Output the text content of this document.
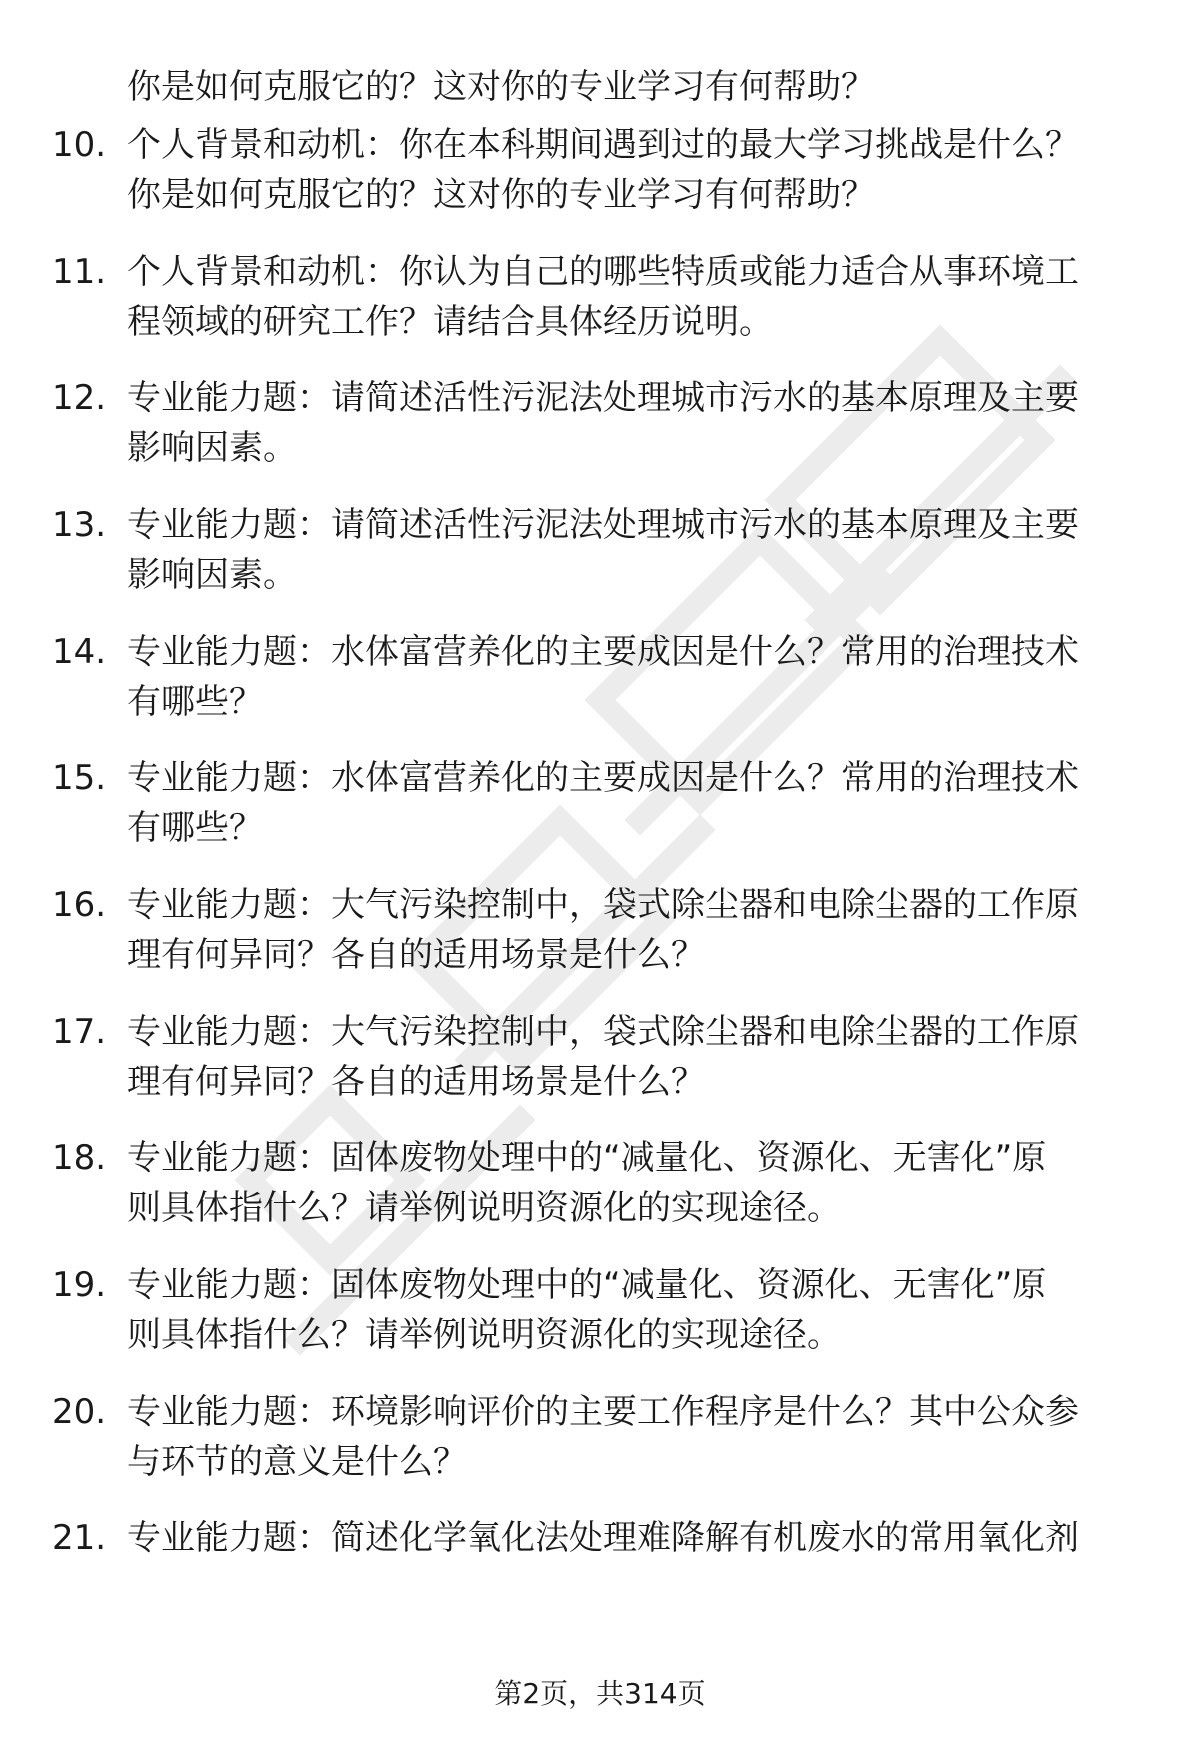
你是如何克服它的？这对你的专业学习有何帮助？
10. 个人背景和动机：你在本科期间遇到过的最大学习挑战是什么？
你是如何克服它的？这对你的专业学习有何帮助？
11. 个人背景和动机：你认为自己的哪些特质或能力适合从事环境工
程领域的研究工作？请结合具体经历说明。
12. 专业能力题：请简述活性污泥法处理城市污水的基本原理及主要
影响因素。
13. 专业能力题：请简述活性污泥法处理城市污水的基本原理及主要
影响因素。
14. 专业能力题：水体富营养化的主要成因是什么？常用的治理技术
有哪些？
15. 专业能力题：水体富营养化的主要成因是什么？常用的治理技术
有哪些？
16. 专业能力题：大气污染控制中，袋式除尘器和电除尘器的工作原
理有何异同？各自的适用场景是什么？
17. 专业能力题：大气污染控制中，袋式除尘器和电除尘器的工作原
理有何异同？各自的适用场景是什么？
18. 专业能力题：固体废物处理中的“减量化、资源化、无害化”原
则具体指什么？请举例说明资源化的实现途径。
19. 专业能力题：固体废物处理中的“减量化、资源化、无害化”原
则具体指什么？请举例说明资源化的实现途径。
20. 专业能力题：环境影响评价的主要工作程序是什么？其中公众参
与环节的意义是什么？
21. 专业能力题：简述化学氧化法处理难降解有机废水的常用氧化剂
第2页，共314页
